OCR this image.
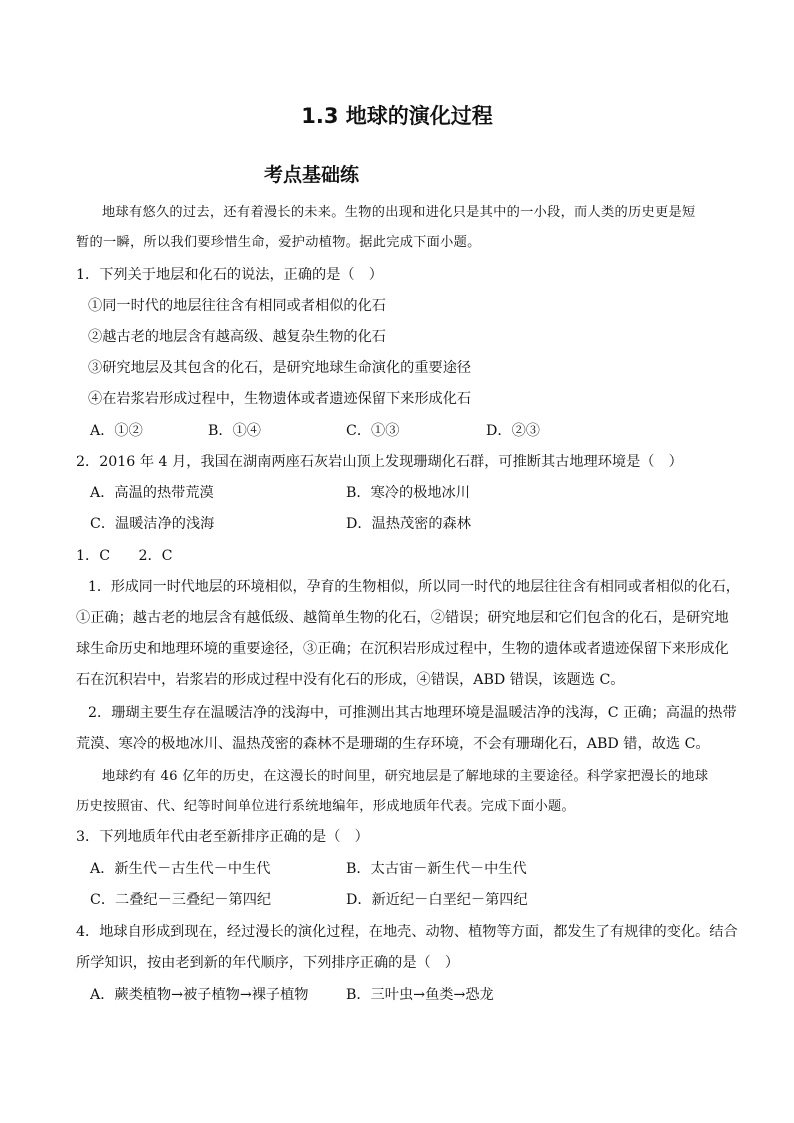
1.3 地球的演化过程
考点基础练
地球有悠久的过去，还有着漫长的未来。生物的出现和进化只是其中的一小段，而人类的历史更是短
暂的一瞬，所以我们要珍惜生命，爱护动植物。据此完成下面小题。
1．下列关于地层和化石的说法，正确的是（　）
①同一时代的地层往往含有相同或者相似的化石
②越古老的地层含有越高级、越复杂生物的化石
③研究地层及其包含的化石，是研究地球生命演化的重要途径
④在岩浆岩形成过程中，生物遗体或者遗迹保留下来形成化石
A．①②	B．①④	C．①③	D．②③
2．2016 年 4 月，我国在湖南两座石灰岩山顶上发现珊瑚化石群，可推断其古地理环境是（　）
A．高温的热带荒漠	B．寒冷的极地冰川
C．温暖洁净的浅海	D．温热茂密的森林
1．C　　2．C
1．形成同一时代地层的环境相似，孕育的生物相似，所以同一时代的地层往往含有相同或者相似的化石，
①正确；越古老的地层含有越低级、越简单生物的化石，②错误；研究地层和它们包含的化石，是研究地
球生命历史和地理环境的重要途径，③正确；在沉积岩形成过程中，生物的遗体或者遗迹保留下来形成化
石在沉积岩中，岩浆岩的形成过程中没有化石的形成，④错误，ABD 错误，该题选 C。
2．珊瑚主要生存在温暖洁净的浅海中，可推测出其古地理环境是温暖洁净的浅海，C 正确；高温的热带
荒漠、寒冷的极地冰川、温热茂密的森林不是珊瑚的生存环境，不会有珊瑚化石，ABD 错，故选 C。
地球约有 46 亿年的历史，在这漫长的时间里，研究地层是了解地球的主要途径。科学家把漫长的地球
历史按照宙、代、纪等时间单位进行系统地编年，形成地质年代表。完成下面小题。
3．下列地质年代由老至新排序正确的是（　）
A．新生代－古生代－中生代	B．太古宙－新生代－中生代
C．二叠纪－三叠纪－第四纪	D．新近纪－白垩纪－第四纪
4．地球自形成到现在，经过漫长的演化过程，在地壳、动物、植物等方面，都发生了有规律的变化。结合
所学知识，按由老到新的年代顺序，下列排序正确的是（　）
A．蕨类植物→被子植物→裸子植物	B．三叶虫→鱼类→恐龙
